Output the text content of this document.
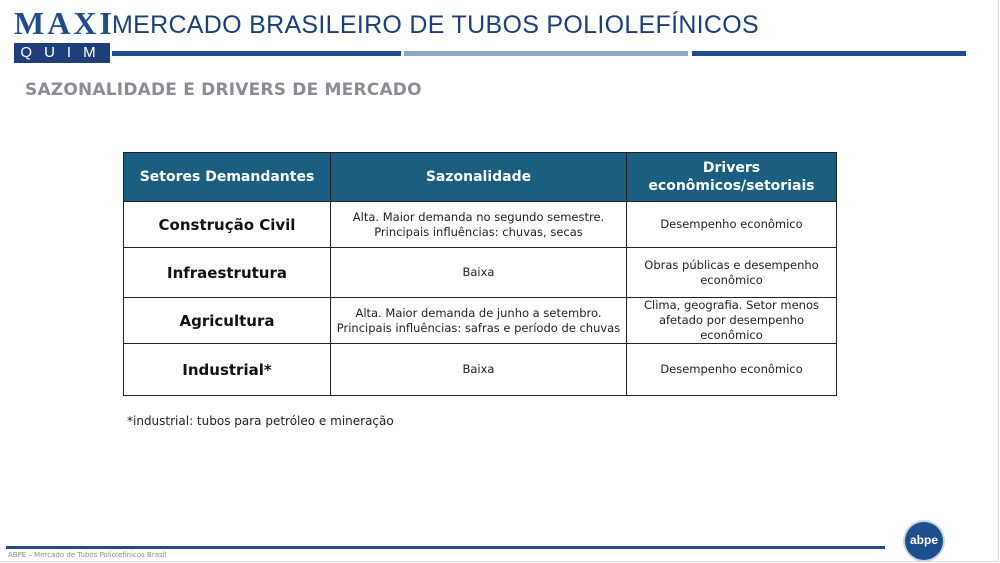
MAXI
QUIM
MERCADO BRASILEIRO DE TUBOS POLIOLEFÍNICOS
SAZONALIDADE E DRIVERS DE MERCADO
Setores Demandantes	Sazonalidade	Drivers econômicos/setoriais
Construção Civil	Alta. Maior demanda no segundo semestre. Principais influências: chuvas, secas	Desempenho econômico
Infraestrutura	Baixa	Obras públicas e desempenho econômico
Agricultura	Alta. Maior demanda de junho a setembro. Principais influências: safras e período de chuvas	Clima, geografia. Setor menos afetado por desempenho econômico
Industrial*	Baixa	Desempenho econômico
*industrial: tubos para petróleo e mineração
ABPE – Mercado de Tubos Poliolefínicos Brasil
abpe
